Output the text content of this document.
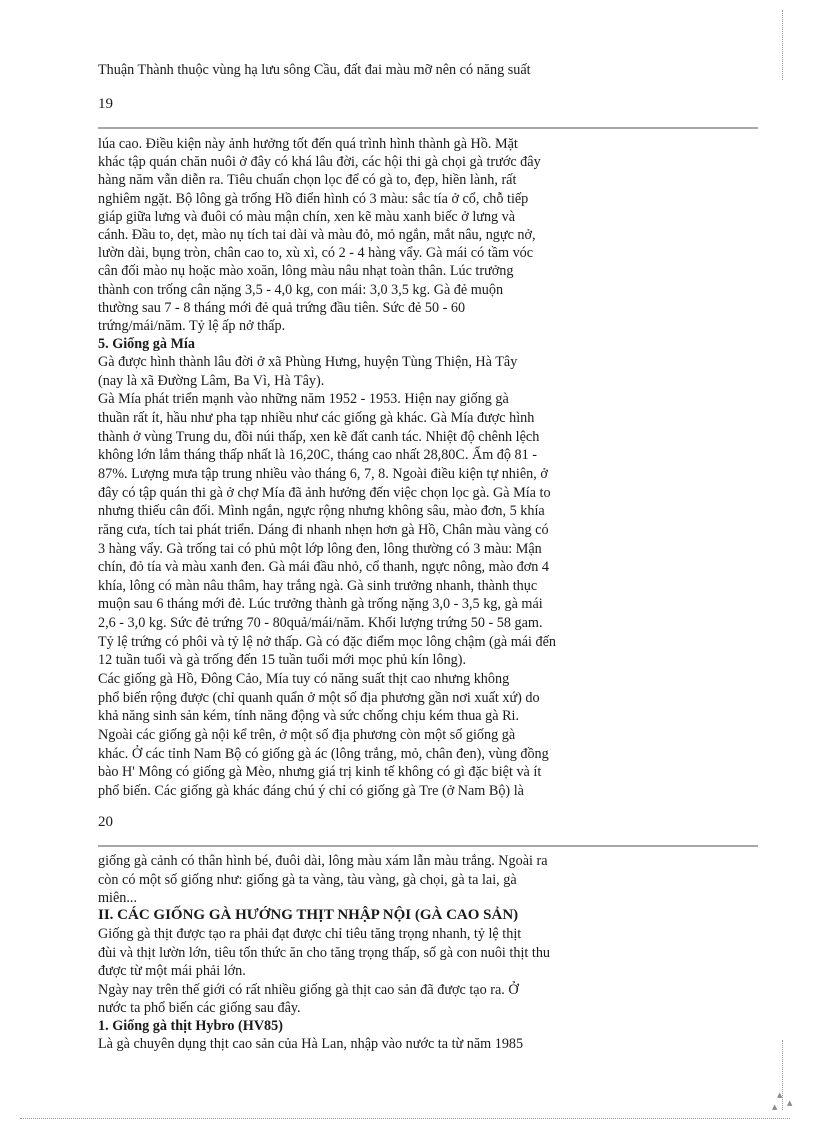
▲
▲
▲
Thuận Thành thuộc vùng hạ lưu sông Cầu, đất đai màu mỡ nên có năng suất
19
lúa cao. Điều kiện này ảnh hưởng tốt đến quá trình hình thành gà Hồ. Mặt
khác tập quán chăn nuôi ở đây có khá lâu đời, các hội thi gà chọi gà trước đây
hàng năm vẫn diễn ra. Tiêu chuẩn chọn lọc để có gà to, đẹp, hiền lành, rất
nghiêm ngặt. Bộ lông gà trống Hồ điển hình có 3 màu: sắc tía ở cổ, chỗ tiếp
giáp giữa lưng và đuôi có màu mận chín, xen kẽ màu xanh biếc ở lưng và
cánh. Đầu to, dẹt, mào nụ tích tai dài và màu đỏ, mỏ ngắn, mắt nâu, ngực nở,
lườn dài, bụng tròn, chân cao to, xù xì, có 2 - 4 hàng vẩy. Gà mái có tầm vóc
cân đối mào nụ hoặc mào xoăn, lông màu nâu nhạt toàn thân. Lúc trưởng
thành con trống cân nặng 3,5 - 4,0 kg, con mái: 3,0 3,5 kg. Gà đẻ muộn
thường sau 7 - 8 tháng mới đẻ quả trứng đầu tiên. Sức đẻ 50 - 60
trứng/mái/năm. Tỷ lệ ấp nở thấp.
5. Giống gà Mía
Gà được hình thành lâu đời ở xã Phùng Hưng, huyện Tùng Thiện, Hà Tây
(nay là xã Đường Lâm, Ba Vì, Hà Tây).
Gà Mía phát triển mạnh vào những năm 1952 - 1953. Hiện nay giống gà
thuần rất ít, hầu như pha tạp nhiều như các giống gà khác. Gà Mía được hình
thành ở vùng Trung du, đồi núi thấp, xen kẽ đất canh tác. Nhiệt độ chênh lệch
không lớn lắm tháng thấp nhất là 16,20C, tháng cao nhất 28,80C. Ẩm độ 81 -
87%. Lượng mưa tập trung nhiều vào tháng 6, 7, 8. Ngoài điều kiện tự nhiên, ở
đây có tập quán thi gà ở chợ Mía đã ảnh hưởng đến việc chọn lọc gà. Gà Mía to
nhưng thiếu cân đối. Mình ngắn, ngực rộng nhưng không sâu, mào đơn, 5 khía
răng cưa, tích tai phát triển. Dáng đi nhanh nhẹn hơn gà Hồ, Chân màu vàng có
3 hàng vẩy. Gà trống tai có phủ một lớp lông đen, lông thường có 3 màu: Mận
chín, đỏ tía và màu xanh đen. Gà mái đầu nhỏ, cổ thanh, ngực nông, mào đơn 4
khía, lông có màn nâu thâm, hay trắng ngà. Gà sinh trưởng nhanh, thành thục
muộn sau 6 tháng mới đẻ. Lúc trưởng thành gà trống nặng 3,0 - 3,5 kg, gà mái
2,6 - 3,0 kg. Sức đẻ trứng 70 - 80quả/mái/năm. Khối lượng trứng 50 - 58 gam.
Tỷ lệ trứng có phôi và tỷ lệ nở thấp. Gà có đặc điểm mọc lông chậm (gà mái đến
12 tuần tuổi và gà trống đến 15 tuần tuổi mới mọc phủ kín lông).
Các giống gà Hồ, Đông Cảo, Mía tuy có năng suất thịt cao nhưng không
phổ biến rộng được (chỉ quanh quẩn ở một số địa phương gần nơi xuất xứ) do
khả năng sinh sản kém, tính năng động và sức chống chịu kém thua gà Ri.
Ngoài các giống gà nội kể trên, ở một số địa phương còn một số giống gà
khác. Ở các tỉnh Nam Bộ có giống gà ác (lông trắng, mỏ, chân đen), vùng đồng
bào H' Mông có giống gà Mèo, nhưng giá trị kinh tế không có gì đặc biệt và ít
phổ biến. Các giống gà khác đáng chú ý chỉ có giống gà Tre (ở Nam Bộ) là
20
giống gà cảnh có thân hình bé, đuôi dài, lông màu xám lẫn màu trắng. Ngoài ra
còn có một số giống như: giống gà ta vàng, tàu vàng, gà chọi, gà ta lai, gà
miên...
II. CÁC GIỐNG GÀ HƯỚNG THỊT NHẬP NỘI (GÀ CAO SẢN)
Giống gà thịt được tạo ra phải đạt được chỉ tiêu tăng trọng nhanh, tỷ lệ thịt
đùi và thịt lườn lớn, tiêu tốn thức ăn cho tăng trọng thấp, số gà con nuôi thịt thu
được từ một mái phải lớn.
Ngày nay trên thế giới có rất nhiều giống gà thịt cao sản đã được tạo ra. Ở
nước ta phổ biến các giống sau đây.
1. Giống gà thịt Hybro (HV85)
Là gà chuyên dụng thịt cao sản của Hà Lan, nhập vào nước ta từ năm 1985
